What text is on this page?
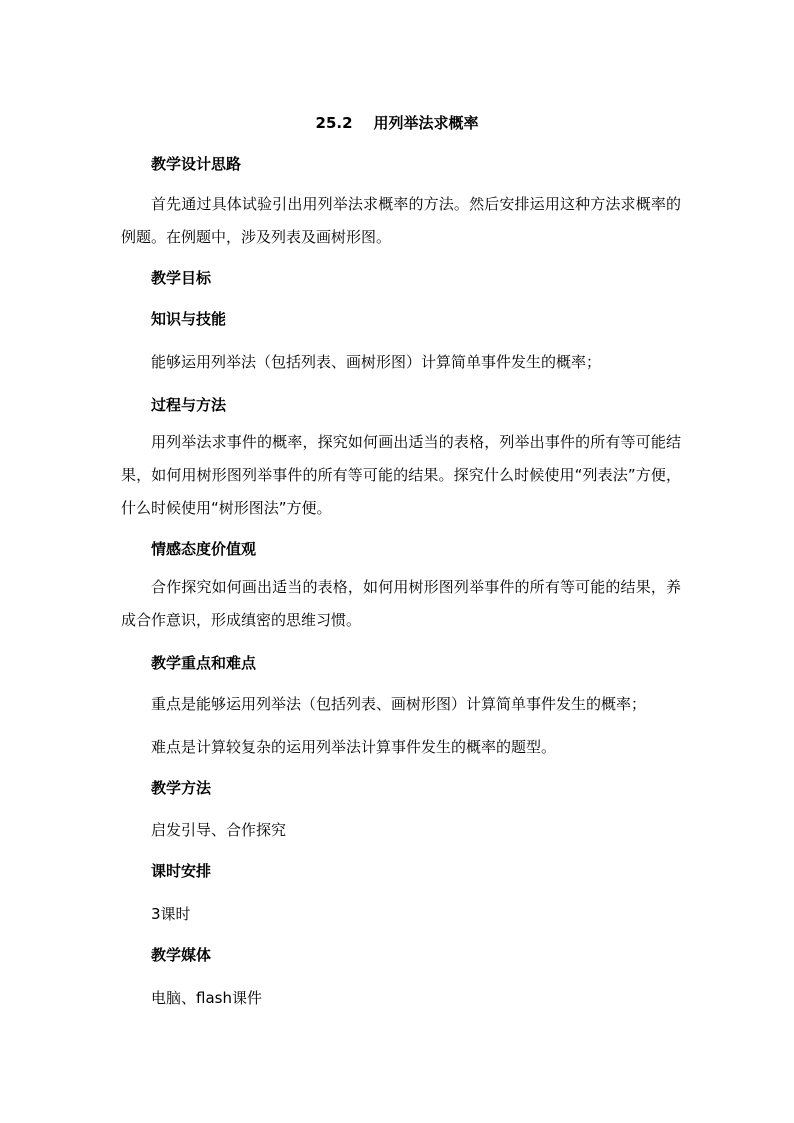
25.2    用列举法求概率
教学设计思路
首先通过具体试验引出用列举法求概率的方法。然后安排运用这种方法求概率的例题。在例题中，涉及列表及画树形图。
教学目标
知识与技能
能够运用列举法（包括列表、画树形图）计算简单事件发生的概率；
过程与方法
用列举法求事件的概率，探究如何画出适当的表格，列举出事件的所有等可能结果，如何用树形图列举事件的所有等可能的结果。探究什么时候使用“列表法”方便，什么时候使用“树形图法”方便。
情感态度价值观
合作探究如何画出适当的表格，如何用树形图列举事件的所有等可能的结果，养成合作意识，形成缜密的思维习惯。
教学重点和难点
重点是能够运用列举法（包括列表、画树形图）计算简单事件发生的概率；
难点是计算较复杂的运用列举法计算事件发生的概率的题型。
教学方法
启发引导、合作探究
课时安排
3课时
教学媒体
电脑、flash课件
